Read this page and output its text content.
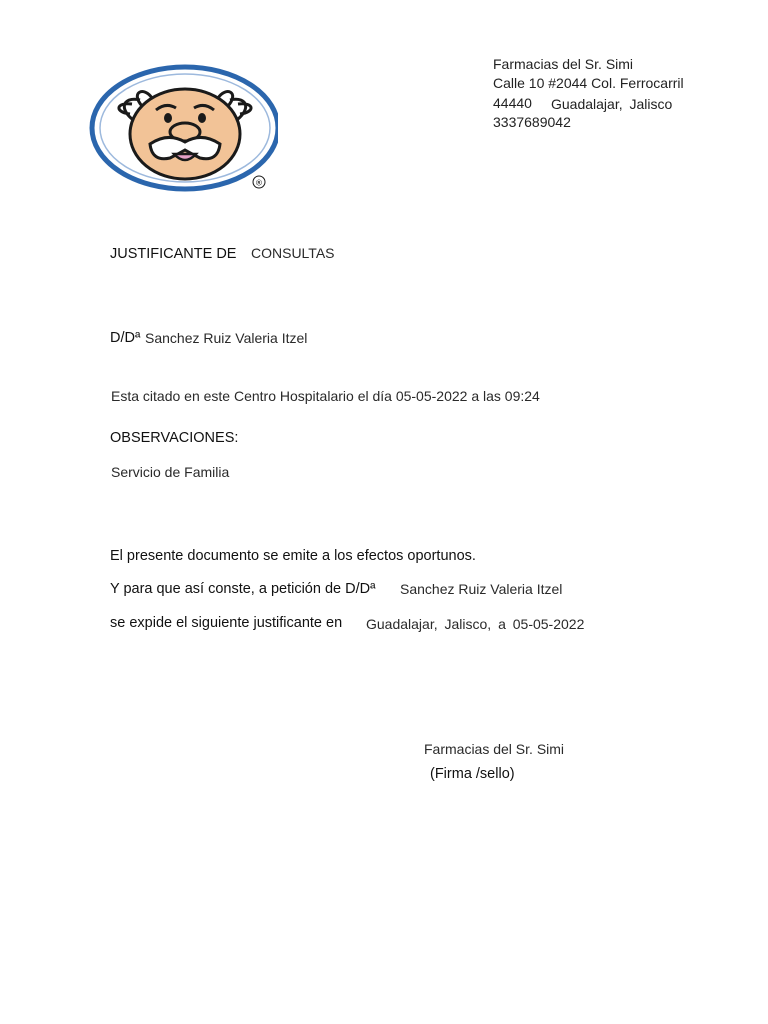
®
Farmacias del Sr. Simi
Calle 10 #2044 Col. Ferrocarril
44440 Guadalajar, Jalisco
3337689042
JUSTIFICANTE DE CONSULTAS
D/Dª Sanchez Ruiz Valeria Itzel
Esta citado en este Centro Hospitalario el día 05-05-2022 a las 09:24
OBSERVACIONES:
Servicio de Familia
El presente documento se emite a los efectos oportunos.
Y para que así conste, a petición de D/Dª Sanchez Ruiz Valeria Itzel
se expide el siguiente justificante en Guadalajar, Jalisco, a 05-05-2022
Farmacias del Sr. Simi
(Firma /sello)
